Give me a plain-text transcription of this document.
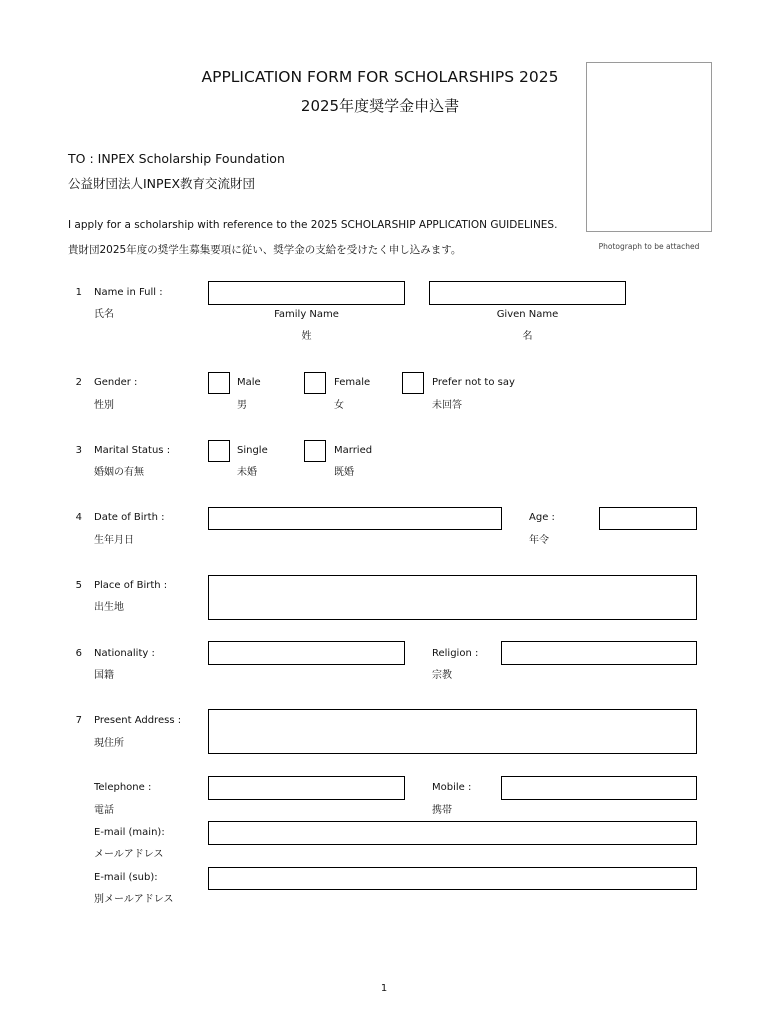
APPLICATION FORM FOR SCHOLARSHIPS 2025
2025年度奨学金申込書
Photograph to be attached
TO : INPEX Scholarship Foundation
公益財団法人INPEX教育交流財団
I apply for a scholarship with reference to the 2025 SCHOLARSHIP APPLICATION GUIDELINES.
貴財団2025年度の奨学生募集要項に従い、奨学金の支給を受けたく申し込みます。
1 Name in Full :
氏名	Family Name
姓
Given Name
名
2 Gender :
性別
Male
男
Female
女
Prefer not to say
未回答
3 Marital Status :
婚姻の有無
Single
未婚
Married
既婚
4 Date of Birth :
生年月日
Age :
年令
5 Place of Birth :
出生地
6 Nationality :
国籍
Religion :
宗教
7 Present Address :
現住所
Telephone :
電話
Mobile :
携帯
E-mail (main):
メールアドレス
E-mail (sub):
別メールアドレス
1
